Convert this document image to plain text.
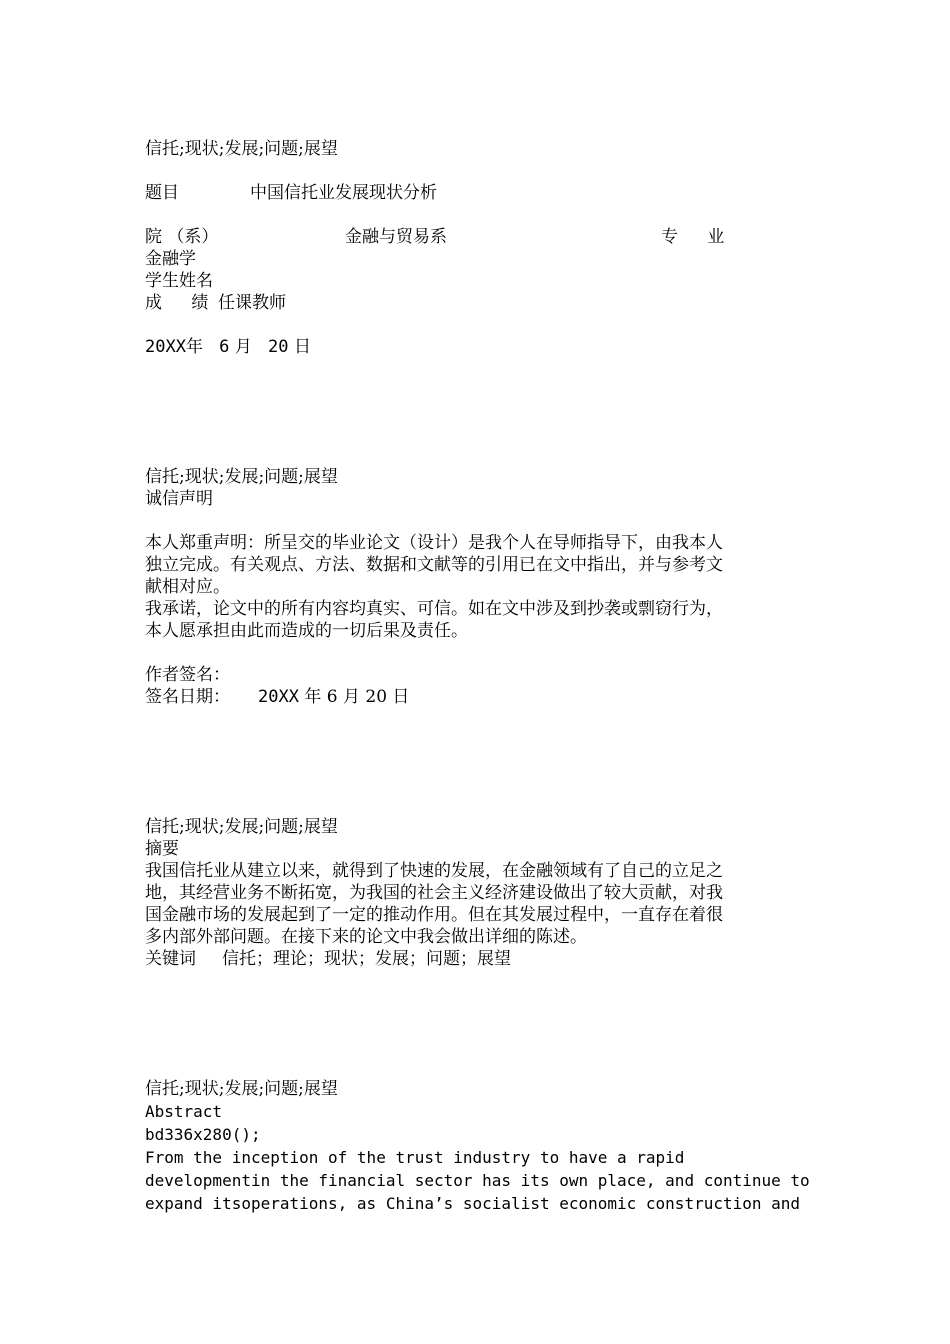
信托;现状;发展;问题;展望
题目	中国信托业发展现状分析
院 （系）	金融与贸易系	专 业
金融学
学生姓名
成 绩 任课教师
20XX年 6 月 20 日
信托;现状;发展;问题;展望
诚信声明
本人郑重声明：所呈交的毕业论文（设计）是我个人在导师指导下，由我本人
独立完成。有关观点、方法、数据和文献等的引用已在文中指出，并与参考文
献相对应。
我承诺，论文中的所有内容均真实、可信。如在文中涉及到抄袭或剽窃行为，
本人愿承担由此而造成的一切后果及责任。
作者签名：
签名日期： 20XX 年 6 月 20 日
信托;现状;发展;问题;展望
摘要
我国信托业从建立以来，就得到了快速的发展，在金融领域有了自己的立足之
地，其经营业务不断拓宽，为我国的社会主义经济建设做出了较大贡献，对我
国金融市场的发展起到了一定的推动作用。但在其发展过程中，一直存在着很
多内部外部问题。在接下来的论文中我会做出详细的陈述。
关键词 信托；理论；现状；发展；问题；展望
信托;现状;发展;问题;展望
Abstract
bd336x280();
From the inception of the trust industry to have a rapid
developmentin the financial sector has its own place, and continue to
expand itsoperations, as China’s socialist economic construction and
